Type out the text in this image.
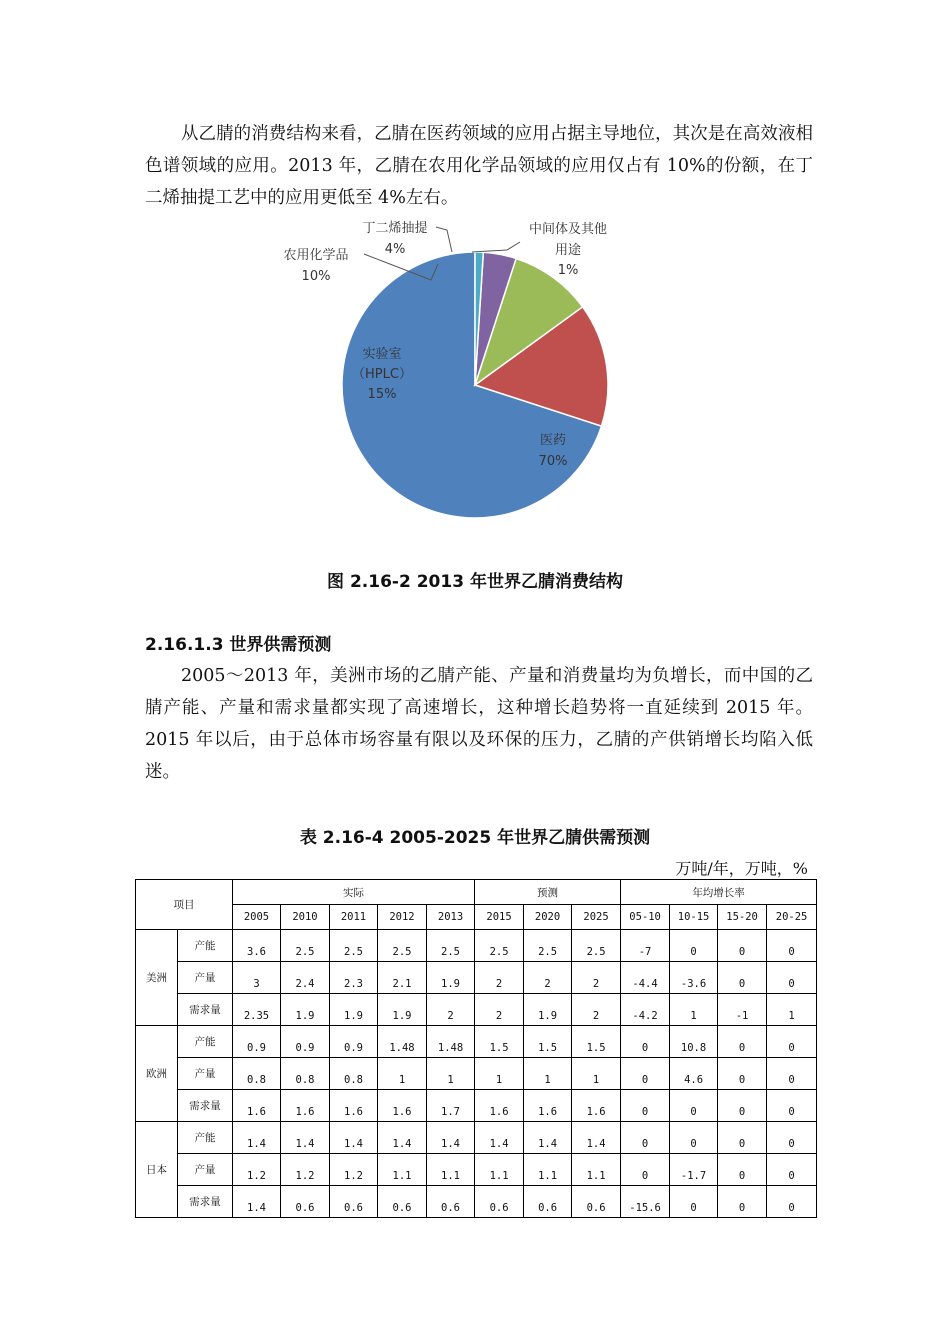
从乙腈的消费结构来看，乙腈在医药领域的应用占据主导地位，其次是在高效液相色谱领域的应用。2013 年，乙腈在农用化学品领域的应用仅占有 10%的份额，在丁二烯抽提工艺中的应用更低至 4%左右。

医药
70%
实验室
（HPLC）
15%
农用化学品
10%
丁二烯抽提
4%
中间体及其他
用途
1%
图 2.16-2 2013 年世界乙腈消费结构
2.16.1.3 世界供需预测

2005～2013 年，美洲市场的乙腈产能、产量和消费量均为负增长，而中国的乙腈产能、产量和需求量都实现了高速增长，这种增长趋势将一直延续到 2015 年。2015 年以后，由于总体市场容量有限以及环保的压力，乙腈的产供销增长均陷入低迷。

表 2.16-4 2005-2025 年世界乙腈供需预测
万吨/年，万吨，%
项目		实际					预测			年均增长率			
		2005	2010	2011	2012	2013	2015	2020	2025	05-10	10-15	15-20	20-25
美洲	产能	3.6	2.5	2.5	2.5	2.5	2.5	2.5	2.5	-7	0	0	0
	产量	3	2.4	2.3	2.1	1.9	2	2	2	-4.4	-3.6	0	0
	需求量	2.35	1.9	1.9	1.9	2	2	1.9	2	-4.2	1	-1	1
欧洲	产能	0.9	0.9	0.9	1.48	1.48	1.5	1.5	1.5	0	10.8	0	0
	产量	0.8	0.8	0.8	1	1	1	1	1	0	4.6	0	0
	需求量	1.6	1.6	1.6	1.6	1.7	1.6	1.6	1.6	0	0	0	0
日本	产能	1.4	1.4	1.4	1.4	1.4	1.4	1.4	1.4	0	0	0	0
	产量	1.2	1.2	1.2	1.1	1.1	1.1	1.1	1.1	0	-1.7	0	0
	需求量	1.4	0.6	0.6	0.6	0.6	0.6	0.6	0.6	-15.6	0	0	0
